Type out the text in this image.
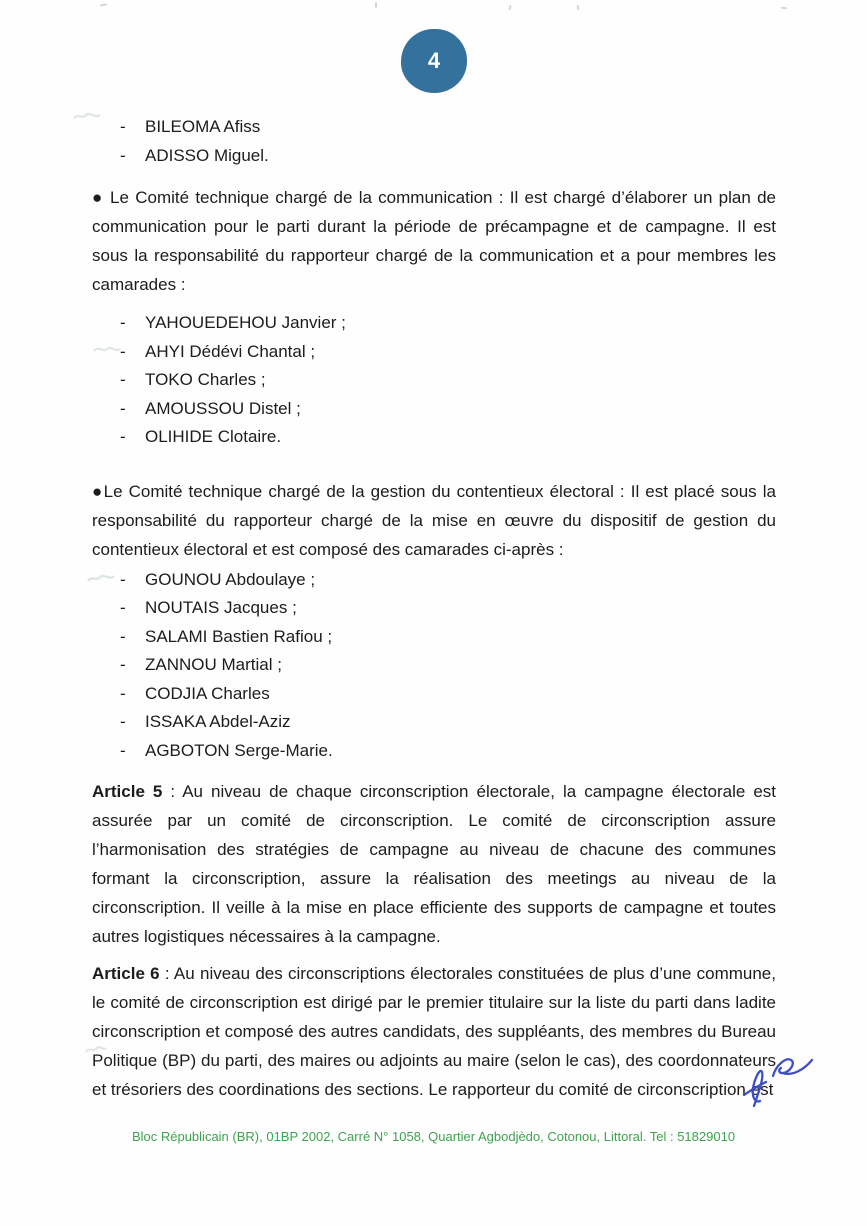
4
-	BILEOMA Afiss
-	ADISSO Miguel.

● Le Comité technique chargé de la communication : Il est chargé d’élaborer un plan de communication pour le parti durant la période de précampagne et de campagne. Il est sous la responsabilité du rapporteur chargé de la communication et a pour membres les camarades :

-	YAHOUEDEHOU Janvier ;
-	AHYI Dédévi Chantal ;
-	TOKO Charles ;
-	AMOUSSOU Distel ;
-	OLIHIDE Clotaire.

●Le Comité technique chargé de la gestion du contentieux électoral : Il est placé sous la responsabilité du rapporteur chargé de la mise en œuvre du dispositif de gestion du contentieux électoral et est composé des camarades ci-après :

-	GOUNOU Abdoulaye ;
-	NOUTAIS Jacques ;
-	SALAMI Bastien Rafiou ;
-	ZANNOU Martial ;
-	CODJIA Charles
-	ISSAKA Abdel-Aziz
-	AGBOTON Serge-Marie.

Article 5 : Au niveau de chaque circonscription électorale, la campagne électorale est assurée par un comité de circonscription. Le comité de circonscription assure l’harmonisation des stratégies de campagne au niveau de chacune des communes formant la circonscription, assure la réalisation des meetings au niveau de la circonscription. Il veille à la mise en place efficiente des supports de campagne et toutes autres logistiques nécessaires à la campagne.

Article 6 : Au niveau des circonscriptions électorales constituées de plus d’une commune, le comité de circonscription est dirigé par le premier titulaire sur la liste du parti dans ladite circonscription et composé des autres candidats, des suppléants, des membres du Bureau Politique (BP) du parti, des maires ou adjoints au maire (selon le cas), des coordonnateurs et trésoriers des coordinations des sections. Le rapporteur du comité de circonscription est

Bloc Républicain (BR), 01BP 2002, Carré N° 1058, Quartier Agbodjèdo, Cotonou, Littoral. Tel : 51829010
